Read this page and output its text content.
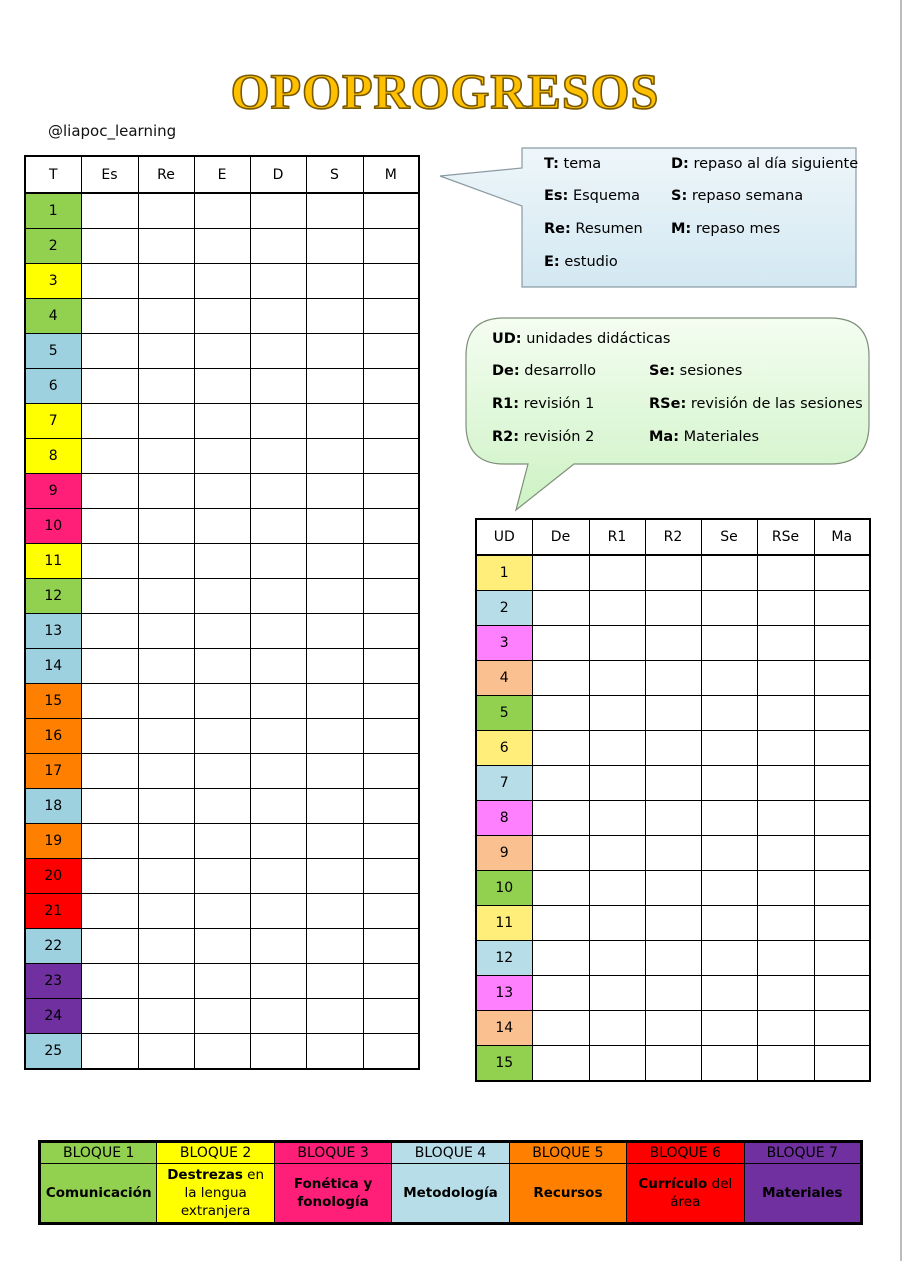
OPOPROGRESOS
@liapoc_learning
T	Es	Re	E	D	S	M
1						
2						
3						
4						
5						
6						
7						
8						
9						
10						
11						
12						
13						
14						
15						
16						
17						
18						
19						
20						
21						
22						
23						
24						
25						
UD	De	R1	R2	Se	RSe	Ma
1						
2						
3						
4						
5						
6						
7						
8						
9						
10						
11						
12						
13						
14						
15						
T: tema	D: repaso al día siguiente
Es: Esquema S: repaso semana
Re: Resumen M: repaso mes
E: estudio
UD: unidades didácticas
De: desarrollo	Se: sesiones
R1: revisión 1	RSe: revisión de las sesiones
R2: revisión 2	Ma: Materiales
BLOQUE 1	BLOQUE 2	BLOQUE 3	BLOQUE 4	BLOQUE 5	BLOQUE 6	BLOQUE 7
Comunicación	Destrezas en la lengua extranjera	Fonética y fonología	Metodología	Recursos	Currículo del área	Materiales
